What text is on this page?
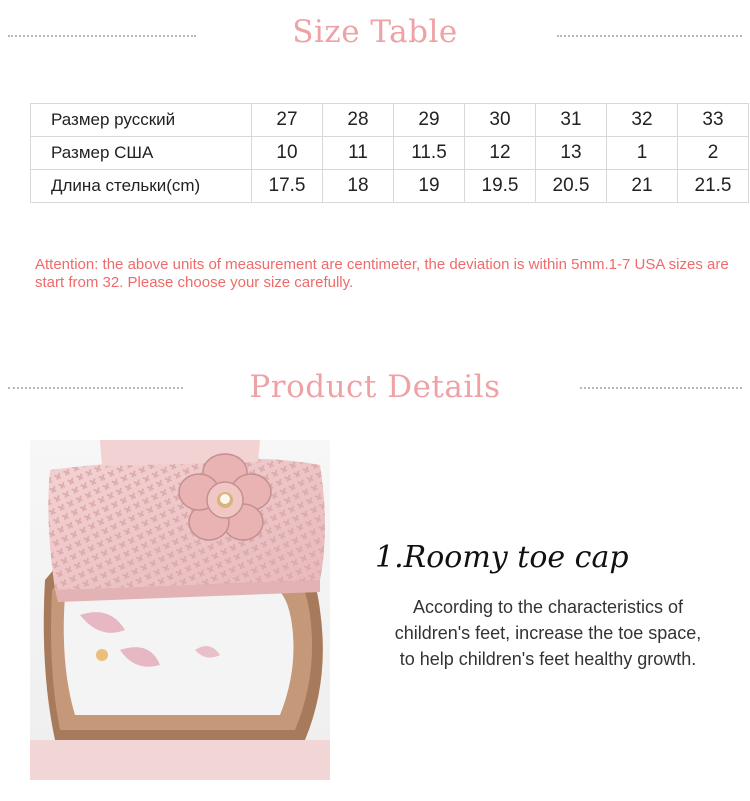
Size Table
Размер русский	27	28	29	30	31	32	33
Размер США	10	11	11.5	12	13	1	2
Длина стельки(cm)	17.5	18	19	19.5	20.5	21	21.5
Attention: the above units of measurement are centimeter, the deviation is within 5mm.1-7 USA sizes are start from 32. Please choose your size carefully.
Product Details
1.Roomy toe cap
According to the characteristics of
children's feet, increase the toe space,
to help children's feet healthy growth.
